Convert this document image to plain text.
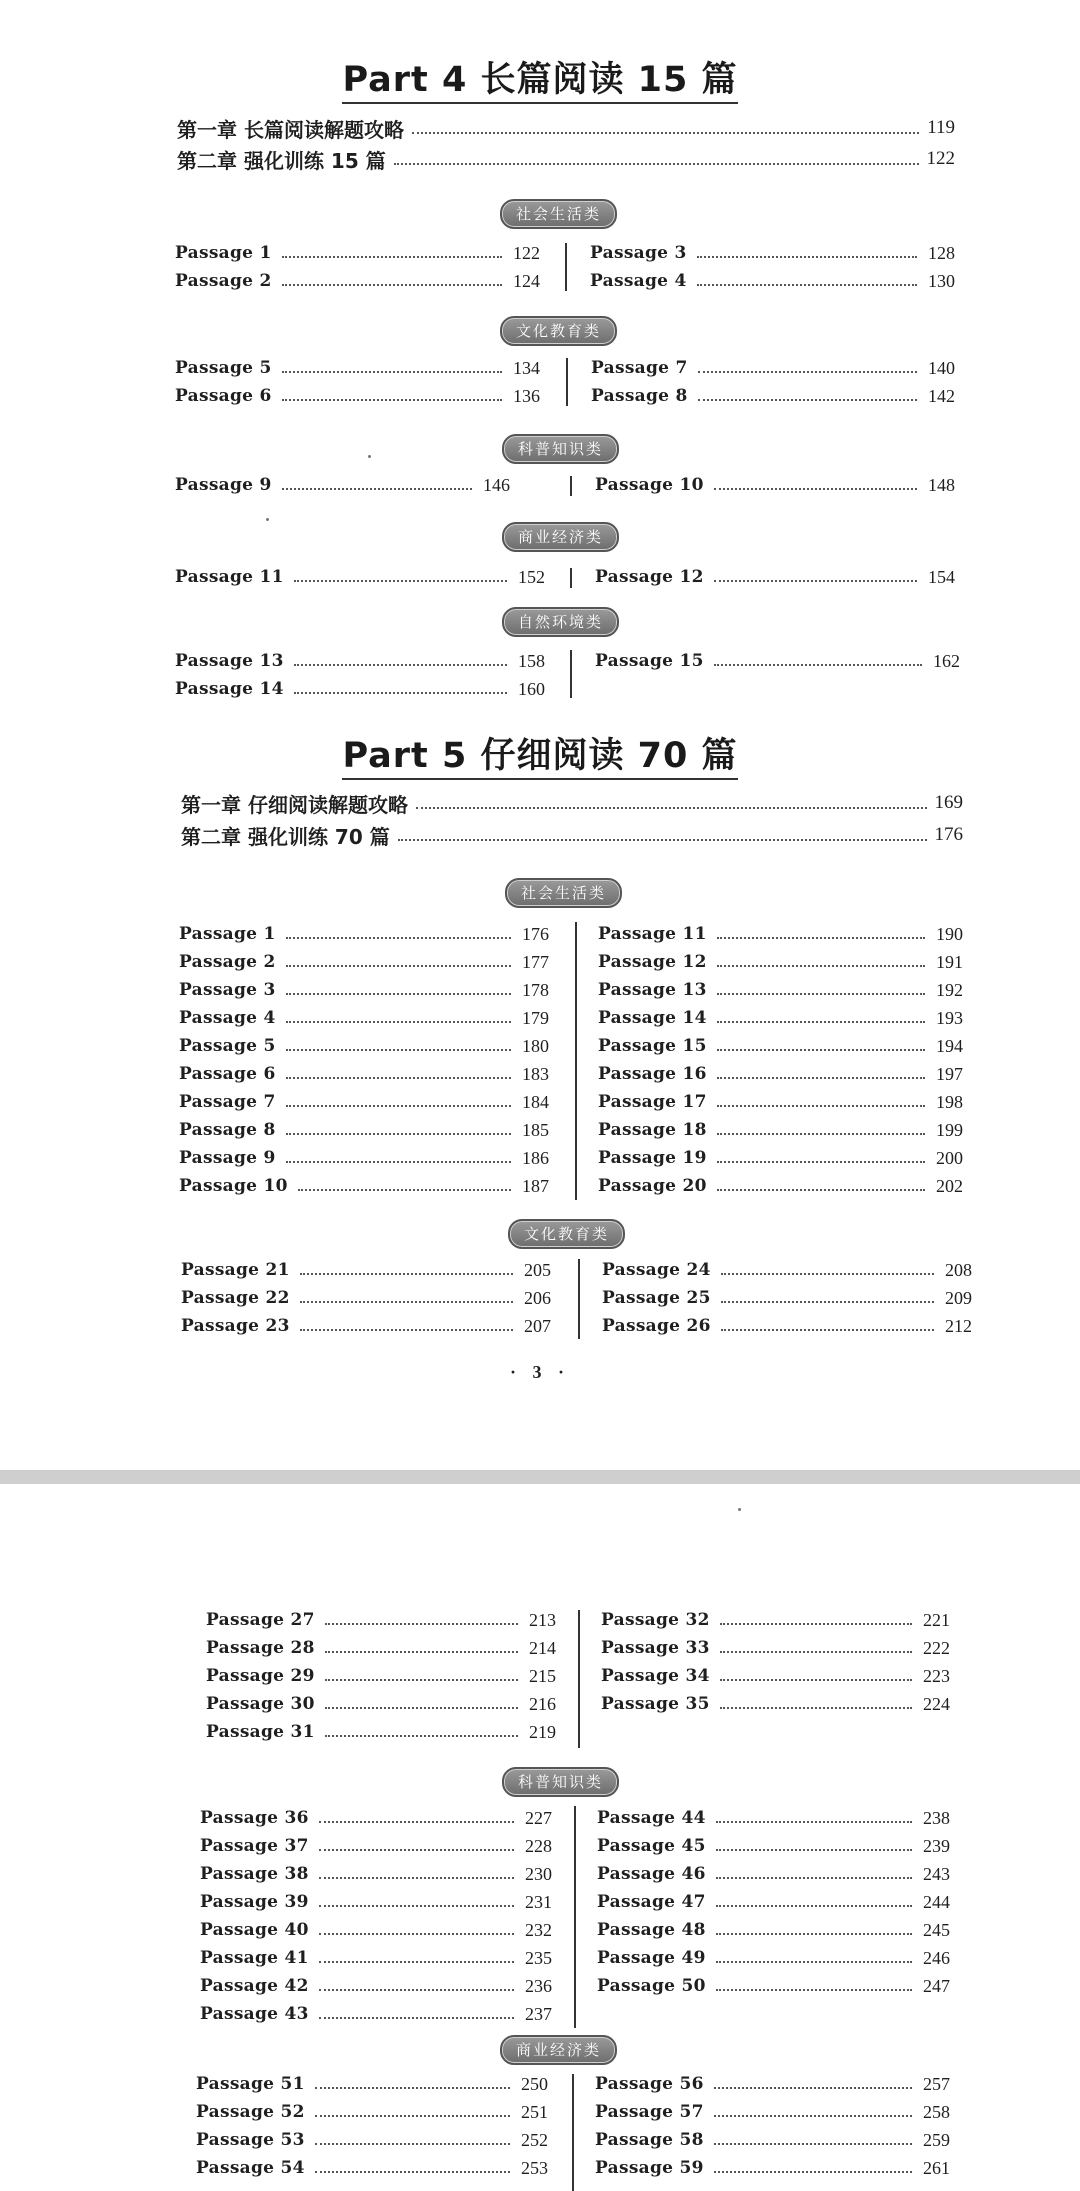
Part 4 长篇阅读 15 篇
第一章 长篇阅读解题攻略	119
第二章 强化训练 15 篇	122
社会生活类
Passage 1	122
Passage 2	124
Passage 3	128
Passage 4	130
文化教育类
Passage 5	134
Passage 6	136
Passage 7	140
Passage 8	142
科普知识类
Passage 9	146	Passage 10	148
商业经济类
Passage 11	152	Passage 12	154
自然环境类
Passage 13	158
Passage 14	160
Passage 15	162
Part 5 仔细阅读 70 篇
第一章 仔细阅读解题攻略	169
第二章 强化训练 70 篇	176
社会生活类
Passage 1	176
Passage 2	177
Passage 3	178
Passage 4	179
Passage 5	180
Passage 6	183
Passage 7	184
Passage 8	185
Passage 9	186
Passage 10	187
Passage 11	190
Passage 12	191
Passage 13	192
Passage 14	193
Passage 15	194
Passage 16	197
Passage 17	198
Passage 18	199
Passage 19	200
Passage 20	202
文化教育类
Passage 21	205
Passage 22	206
Passage 23	207
Passage 24	208
Passage 25	209
Passage 26	212
· 3 ·
Passage 27	213
Passage 28	214
Passage 29	215
Passage 30	216
Passage 31	219
Passage 32	221
Passage 33	222
Passage 34	223
Passage 35	224
科普知识类
Passage 36	227
Passage 37	228
Passage 38	230
Passage 39	231
Passage 40	232
Passage 41	235
Passage 42	236
Passage 43	237
Passage 44	238
Passage 45	239
Passage 46	243
Passage 47	244
Passage 48	245
Passage 49	246
Passage 50	247
商业经济类
Passage 51	250
Passage 52	251
Passage 53	252
Passage 54	253
Passage 56	257
Passage 57	258
Passage 58	259
Passage 59	261
